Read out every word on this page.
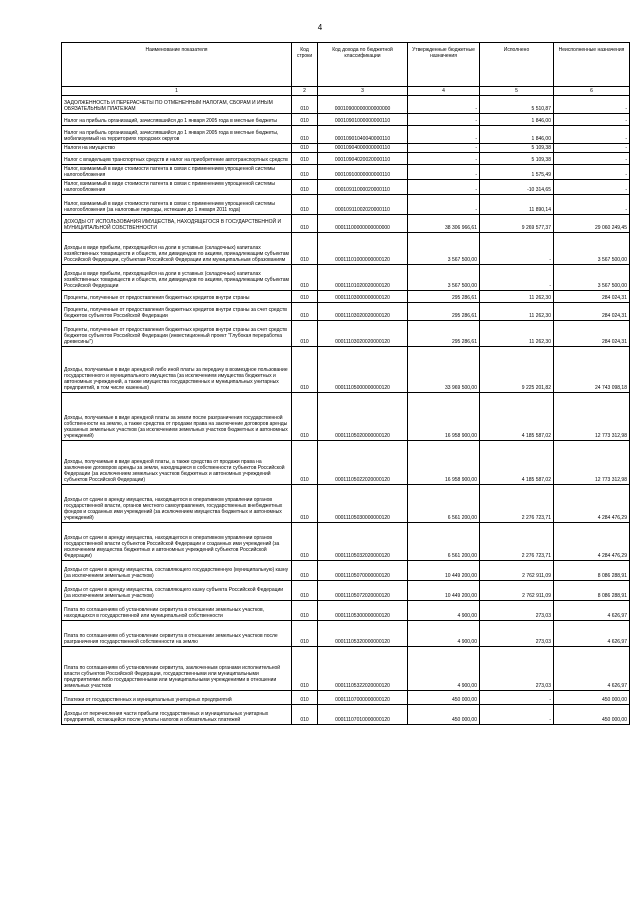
4
Наименование показателя	Код строки	Код дохода по бюджетной классификации	Утвержденные бюджетные назначения	Исполнено	Неисполненные назначения
1	2	3	4	5	6
ЗАДОЛЖЕННОСТЬ И ПЕРЕРАСЧЕТЫ ПО ОТМЕНЕННЫМ НАЛОГАМ, СБОРАМ И ИНЫМ ОБЯЗАТЕЛЬНЫМ ПЛАТЕЖАМ	010	00010900000000000000	-	5 510,87	-
Налог на прибыль организаций, зачислявшийся до 1 января 2005 года в местные бюджеты	010	00010901000000000110	-	1 846,00	-
Налог на прибыль организаций, зачислявшийся до 1 января 2005 года в местные бюджеты, мобилизуемый на территориях городских округов	010	00010901040040000110	-	1 846,00	-
Налоги на имущество	010	00010904000000000110	-	5 109,38	-
Налог с владельцев транспортных средств и налог на приобретение автотранспортных средств	010	00010904020020000110	-	5 109,38	-
Налог, взимаемый в виде стоимости патента в связи с применением упрощенной системы налогообложения	010	00010910000000000110	-	1 575,49	-
Налог, взимаемый в виде стоимости патента в связи с применением упрощенной системы налогообложения	010	00010911000020000110	-	-10 314,65	-
Налог, взимаемый в виде стоимости патента в связи с применением упрощенной системы налогообложения (за налоговые периоды, истекшие до 1 января 2011 года)	010	00010911002020000110	-	11 890,14	-
ДОХОДЫ ОТ ИСПОЛЬЗОВАНИЯ ИМУЩЕСТВА, НАХОДЯЩЕГОСЯ В ГОСУДАРСТВЕННОЙ И МУНИЦИПАЛЬНОЙ СОБСТВЕННОСТИ	010	00011100000000000000	38 306 966,61	9 269 577,37	29 060 249,45
Доходы в виде прибыли, приходящейся на доли в уставных (складочных) капиталах хозяйственных товариществ и обществ, или дивидендов по акциям, принадлежащим субъектам Российской Федерации, субъектам Российской Федерации или муниципальным образованиям	010	00011101000000000120	3 567 500,00	-	3 567 500,00
Доходы в виде прибыли, приходящейся на доли в уставных (складочных) капиталах хозяйственных товариществ и обществ, или дивидендов по акциям, принадлежащим субъектам Российской Федерации	010	00011101020020000120	3 567 500,00	-	3 567 500,00
Проценты, полученные от предоставления бюджетных кредитов внутри страны	010	00011103000000000120	295 286,61	11 262,30	284 024,31
Проценты, полученные от предоставления бюджетных кредитов внутри страны за счет средств бюджетов субъектов Российской Федерации	010	00011103020020000120	295 286,61	11 262,30	284 024,31
Проценты, полученные от предоставления бюджетных кредитов внутри страны за счет средств бюджетов субъектов Российской Федерации (инвестиционный проект "Глубокая переработка древесины")	010	00011103020020000120	295 286,61	11 262,30	284 024,31
Доходы, получаемые в виде арендной либо иной платы за передачу в возмездное пользование государственного и муниципального имущества (за исключением имущества бюджетных и автономных учреждений, а также имущества государственных и муниципальных унитарных предприятий, в том числе казенных)	010	00011105000000000120	33 969 500,00	9 225 201,82	24 743 098,18
Доходы, получаемые в виде арендной платы за земли после разграничения государственной собственности на землю, а также средства от продажи права на заключение договоров аренды указанных земельных участков (за исключением земельных участков бюджетных и автономных учреждений)	010	00011105020000000120	16 958 900,00	4 185 587,02	12 773 312,98
Доходы, получаемые в виде арендной платы, а также средства от продажи права на заключение договоров аренды за земли, находящиеся в собственности субъектов Российской Федерации (за исключением земельных участков бюджетных и автономных учреждений субъектов Российской Федерации)	010	00011105022020000120	16 958 900,00	4 185 587,02	12 773 312,98
Доходы от сдачи в аренду имущества, находящегося в оперативном управлении органов государственной власти, органов местного самоуправления, государственных внебюджетных фондов и созданных ими учреждений (за исключением имущества бюджетных и автономных учреждений)	010	00011105030000000120	6 561 200,00	2 276 723,71	4 284 476,29
Доходы от сдачи в аренду имущества, находящегося в оперативном управлении органов государственной власти субъектов Российской Федерации и созданных ими учреждений (за исключением имущества бюджетных и автономных учреждений субъектов Российской Федерации)	010	00011105032020000120	6 561 200,00	2 276 723,71	4 284 476,29
Доходы от сдачи в аренду имущества, составляющего государственную (муниципальную) казну (за исключением земельных участков)	010	00011105070000000120	10 449 200,00	2 762 911,09	8 086 288,91
Доходы от сдачи в аренду имущества, составляющего казну субъекта Российской Федерации (за исключением земельных участков)	010	00011105072020000120	10 449 200,00	2 762 911,09	8 086 288,91
Плата по соглашениям об установлении сервитута в отношении земельных участков, находящихся в государственной или муниципальной собственности	010	00011105300000000120	4 900,00	273,03	4 626,97
Плата по соглашениям об установлении сервитута в отношении земельных участков после разграничения государственной собственности на землю	010	00011105320000000120	4 900,00	273,03	4 626,97
Плата по соглашениям об установлении сервитута, заключенным органами исполнительной власти субъектов Российской Федерации, государственными или муниципальными предприятиями либо государственными или муниципальными учреждениями в отношении земельных участков	010	00011105322020000120	4 900,00	273,03	4 626,97
Платежи от государственных и муниципальных унитарных предприятий	010	00011107000000000120	450 000,00	-	450 000,00
Доходы от перечисления части прибыли государственных и муниципальных унитарных предприятий, остающейся после уплаты налогов и обязательных платежей	010	00011107010000000120	450 000,00	-	450 000,00
